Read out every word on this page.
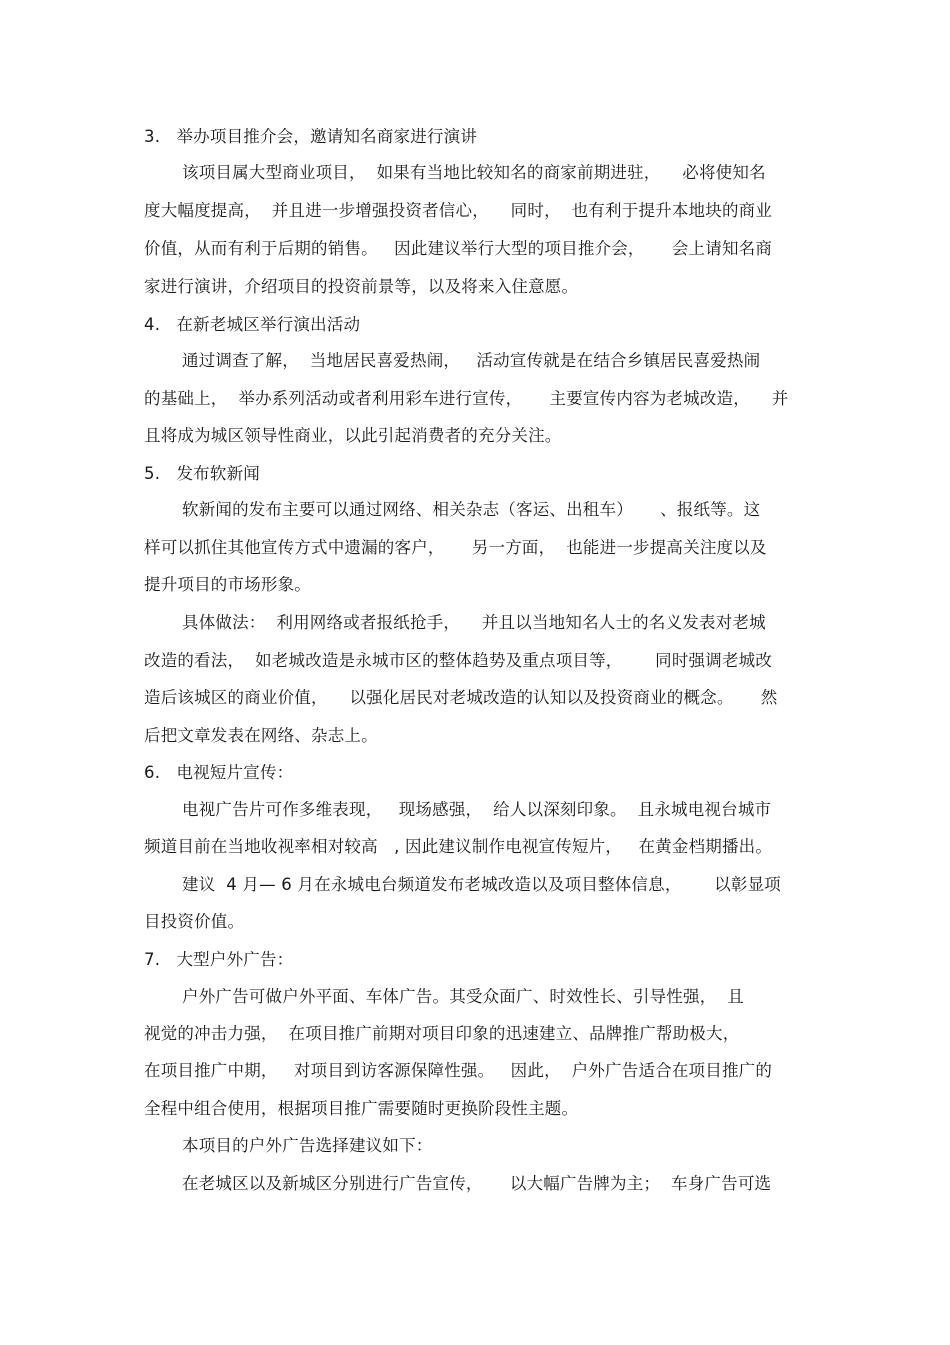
3.   举办项目推介会，邀请知名商家进行演讲
该项目属大型商业项目，  如果有当地比较知名的商家前期进驻，    必将使知名
度大幅度提高，  并且进一步增强投资者信心，    同时，  也有利于提升本地块的商业
价值，从而有利于后期的销售。   因此建议举行大型的项目推介会，     会上请知名商
家进行演讲，介绍项目的投资前景等，以及将来入住意愿。
4.   在新老城区举行演出活动
通过调查了解，  当地居民喜爱热闹，   活动宣传就是在结合乡镇居民喜爱热闹
的基础上，  举办系列活动或者利用彩车进行宣传，     主要宣传内容为老城改造，    并
且将成为城区领导性商业，以此引起消费者的充分关注。
5.   发布软新闻
软新闻的发布主要可以通过网络、相关杂志（客运、出租车）     、报纸等。这
样可以抓住其他宣传方式中遗漏的客户，     另一方面，  也能进一步提高关注度以及
提升项目的市场形象。
具体做法：  利用网络或者报纸抢手，    并且以当地知名人士的名义发表对老城
改造的看法，  如老城改造是永城市区的整体趋势及重点项目等，      同时强调老城改
造后该城区的商业价值，    以强化居民对老城改造的认知以及投资商业的概念。     然
后把文章发表在网络、杂志上。
6.   电视短片宣传：
电视广告片可作多维表现，   现场感强，  给人以深刻印象。  且永城电视台城市
频道目前在当地收视率相对较高   , 因此建议制作电视宣传短片，   在黄金档期播出。
建议  4 月— 6 月在永城电台频道发布老城改造以及项目整体信息，      以彰显项
目投资价值。
7.   大型户外广告：
户外广告可做户外平面、车体广告。其受众面广、时效性长、引导性强，  且
视觉的冲击力强，  在项目推广前期对项目印象的迅速建立、品牌推广帮助极大，
在项目推广中期，   对项目到访客源保障性强。   因此，  户外广告适合在项目推广的
全程中组合使用，根据项目推广需要随时更换阶段性主题。
本项目的户外广告选择建议如下：
在老城区以及新城区分别进行广告宣传，     以大幅广告牌为主；  车身广告可选
